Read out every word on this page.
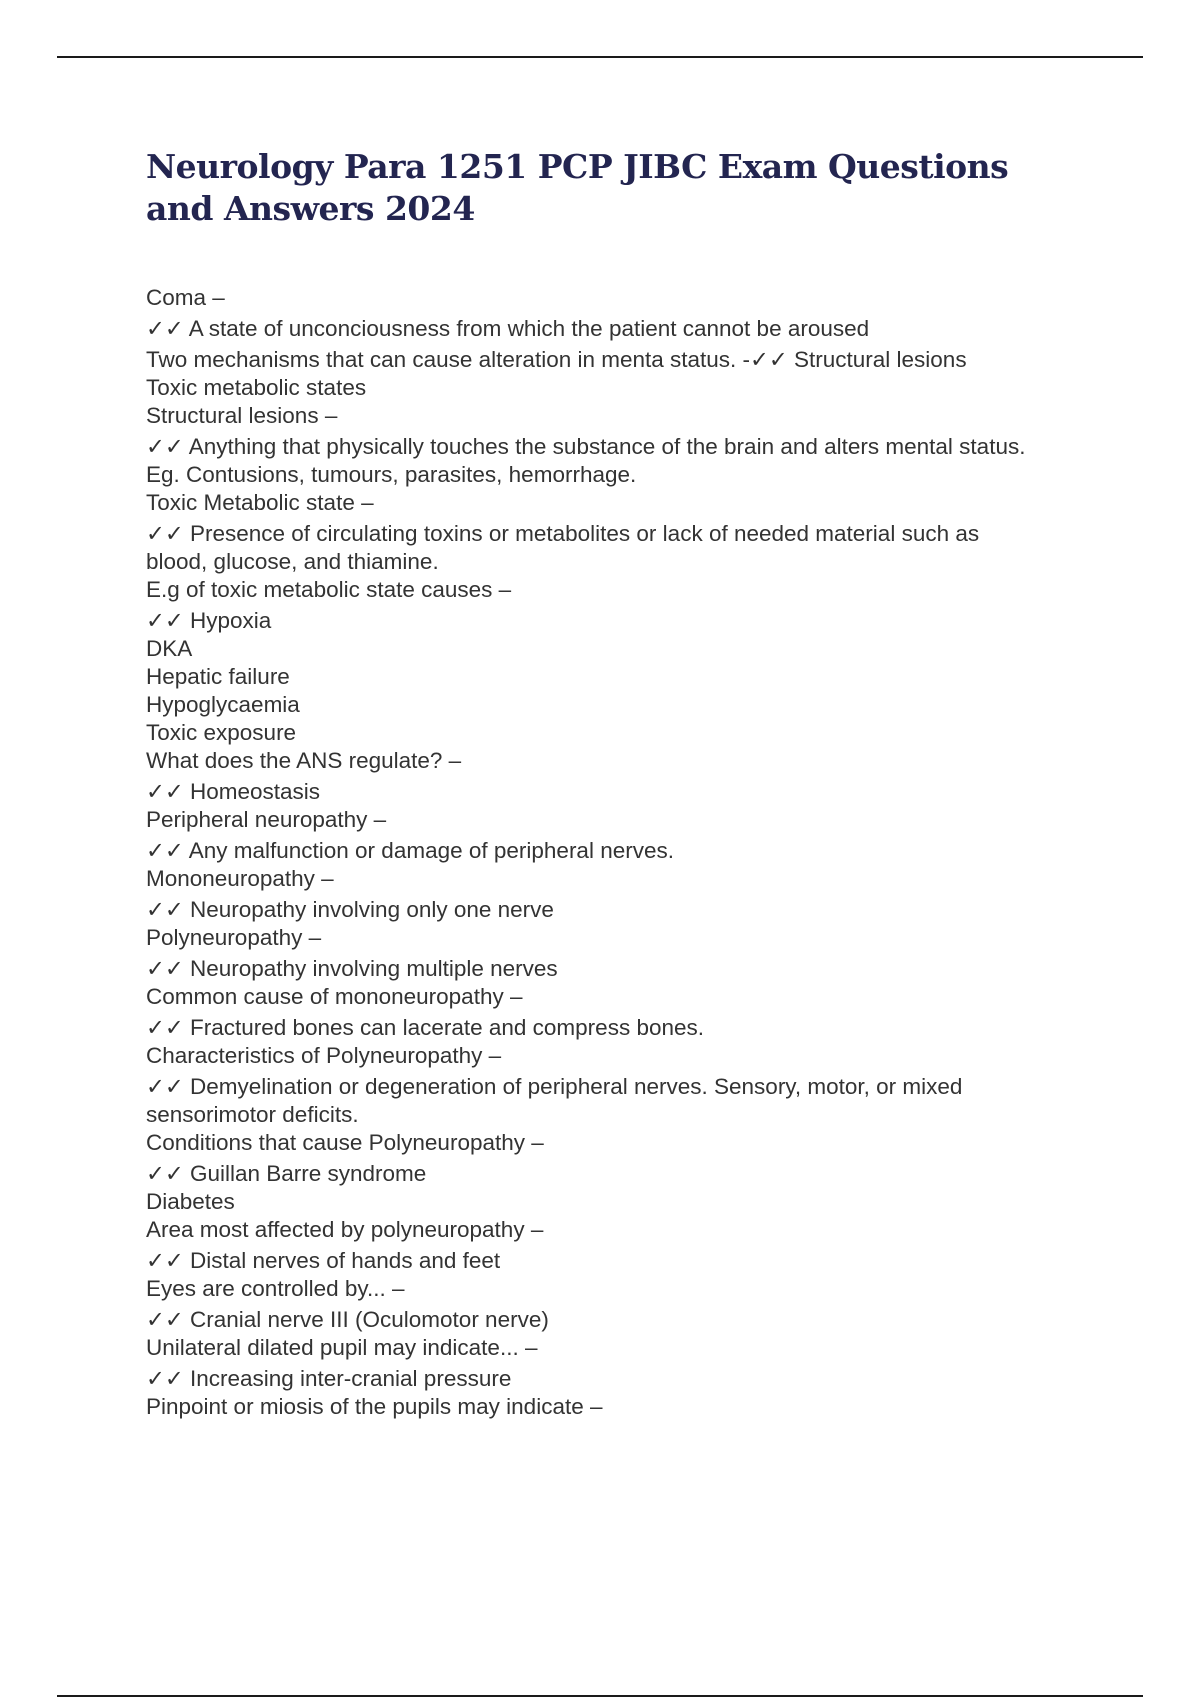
Neurology Para 1251 PCP JIBC Exam Questions and Answers 2024
Coma –
✓✓ A state of unconciousness from which the patient cannot be aroused
Two mechanisms that can cause alteration in menta status. -✓✓ Structural lesions
Toxic metabolic states
Structural lesions –
✓✓ Anything that physically touches the substance of the brain and alters mental status. Eg. Contusions, tumours, parasites, hemorrhage.
Toxic Metabolic state –
✓✓ Presence of circulating toxins or metabolites or lack of needed material such as blood, glucose, and thiamine.
E.g of toxic metabolic state causes –
✓✓ Hypoxia
DKA
Hepatic failure
Hypoglycaemia
Toxic exposure
What does the ANS regulate? –
✓✓ Homeostasis
Peripheral neuropathy –
✓✓ Any malfunction or damage of peripheral nerves.
Mononeuropathy –
✓✓ Neuropathy involving only one nerve
Polyneuropathy –
✓✓ Neuropathy involving multiple nerves
Common cause of mononeuropathy –
✓✓ Fractured bones can lacerate and compress bones.
Characteristics of Polyneuropathy –
✓✓ Demyelination or degeneration of peripheral nerves. Sensory, motor, or mixed sensorimotor deficits.
Conditions that cause Polyneuropathy –
✓✓ Guillan Barre syndrome
Diabetes
Area most affected by polyneuropathy –
✓✓ Distal nerves of hands and feet
Eyes are controlled by... –
✓✓ Cranial nerve III (Oculomotor nerve)
Unilateral dilated pupil may indicate... –
✓✓ Increasing inter-cranial pressure
Pinpoint or miosis of the pupils may indicate –
